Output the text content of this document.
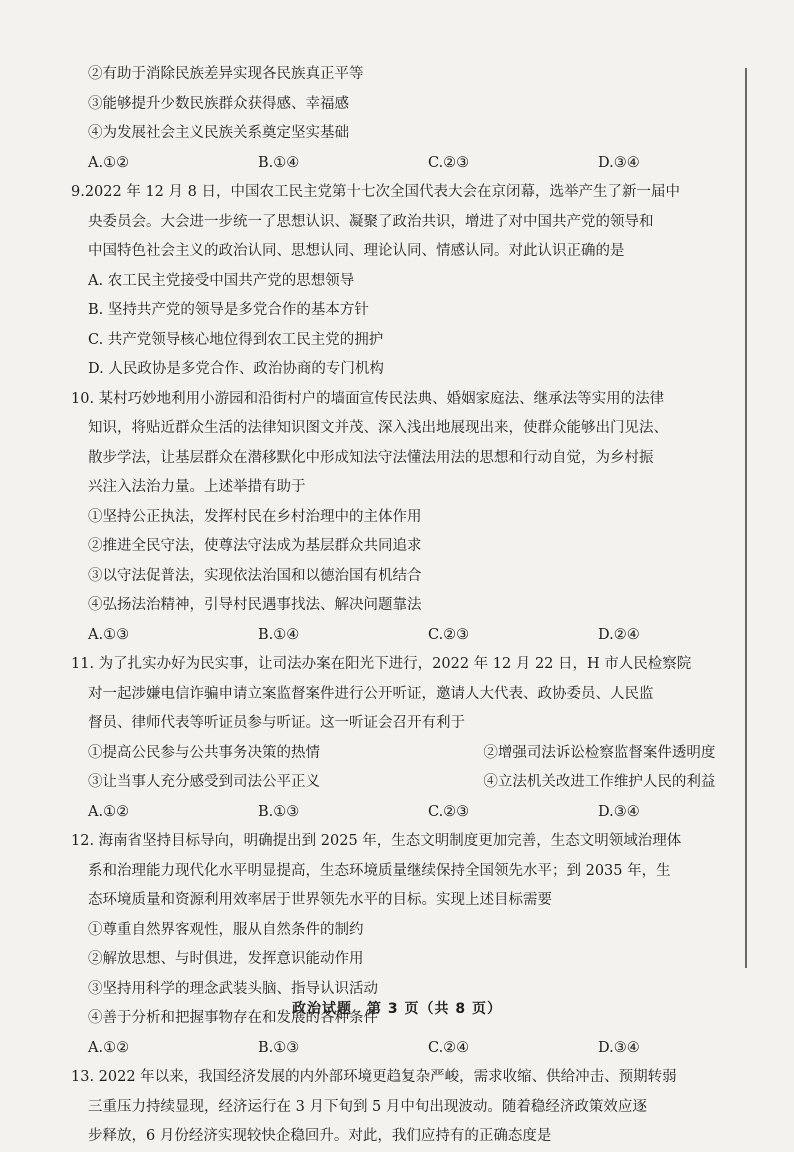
②有助于消除民族差异实现各民族真正平等
③能够提升少数民族群众获得感、幸福感
④为发展社会主义民族关系奠定坚实基础
A.①②	B.①④	C.②③	D.③④
9.2022 年 12 月 8 日，中国农工民主党第十七次全国代表大会在京闭幕，选举产生了新一届中
央委员会。大会进一步统一了思想认识、凝聚了政治共识，增进了对中国共产党的领导和
中国特色社会主义的政治认同、思想认同、理论认同、情感认同。对此认识正确的是
A. 农工民主党接受中国共产党的思想领导
B. 坚持共产党的领导是多党合作的基本方针
C. 共产党领导核心地位得到农工民主党的拥护
D. 人民政协是多党合作、政治协商的专门机构
10. 某村巧妙地利用小游园和沿街村户的墙面宣传民法典、婚姻家庭法、继承法等实用的法律
知识，将贴近群众生活的法律知识图文并茂、深入浅出地展现出来，使群众能够出门见法、
散步学法，让基层群众在潜移默化中形成知法守法懂法用法的思想和行动自觉，为乡村振
兴注入法治力量。上述举措有助于
①坚持公正执法，发挥村民在乡村治理中的主体作用
②推进全民守法，使尊法守法成为基层群众共同追求
③以守法促普法，实现依法治国和以德治国有机结合
④弘扬法治精神，引导村民遇事找法、解决问题靠法
A.①③	B.①④	C.②③	D.②④
11. 为了扎实办好为民实事，让司法办案在阳光下进行，2022 年 12 月 22 日，H 市人民检察院
对一起涉嫌电信诈骗申请立案监督案件进行公开听证，邀请人大代表、政协委员、人民监
督员、律师代表等听证员参与听证。这一听证会召开有利于
①提高公民参与公共事务决策的热情	②增强司法诉讼检察监督案件透明度
③让当事人充分感受到司法公平正义	④立法机关改进工作维护人民的利益
A.①②	B.①③	C.②③	D.③④
12. 海南省坚持目标导向，明确提出到 2025 年，生态文明制度更加完善，生态文明领域治理体
系和治理能力现代化水平明显提高，生态环境质量继续保持全国领先水平；到 2035 年，生
态环境质量和资源利用效率居于世界领先水平的目标。实现上述目标需要
①尊重自然界客观性，服从自然条件的制约
②解放思想、与时俱进，发挥意识能动作用
③坚持用科学的理念武装头脑、指导认识活动
④善于分析和把握事物存在和发展的各种条件
A.①②	B.①③	C.②④	D.③④
13. 2022 年以来，我国经济发展的内外部环境更趋复杂严峻，需求收缩、供给冲击、预期转弱
三重压力持续显现，经济运行在 3 月下旬到 5 月中旬出现波动。随着稳经济政策效应逐
步释放，6 月份经济实现较快企稳回升。对此，我们应持有的正确态度是
政治试题　第 3 页（共 8 页）
